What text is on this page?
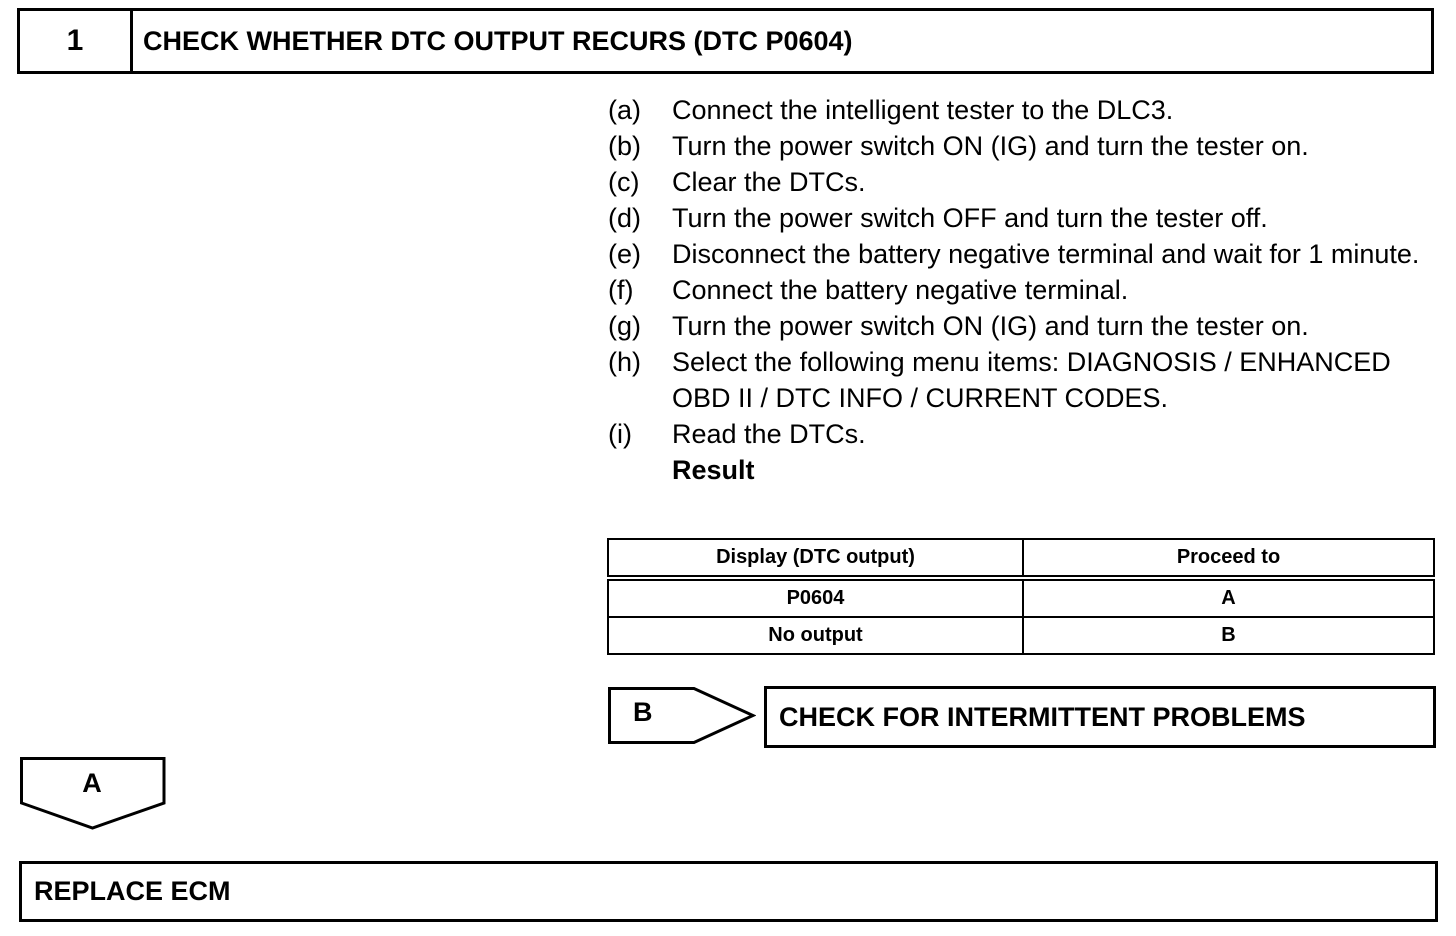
1	CHECK WHETHER DTC OUTPUT RECURS (DTC P0604)
(a)	Connect the intelligent tester to the DLC3.
(b)	Turn the power switch ON (IG) and turn the tester on.
(c)	Clear the DTCs.
(d)	Turn the power switch OFF and turn the tester off.
(e)	Disconnect the battery negative terminal and wait for 1 minute.
(f)	Connect the battery negative terminal.
(g)	Turn the power switch ON (IG) and turn the tester on.
(h)	Select the following menu items: DIAGNOSIS / ENHANCED OBD II / DTC INFO / CURRENT CODES.
(i)	Read the DTCs.
Result
Display (DTC output)	Proceed to
P0604	A
No output	B
B	CHECK FOR INTERMITTENT PROBLEMS
A
REPLACE ECM
